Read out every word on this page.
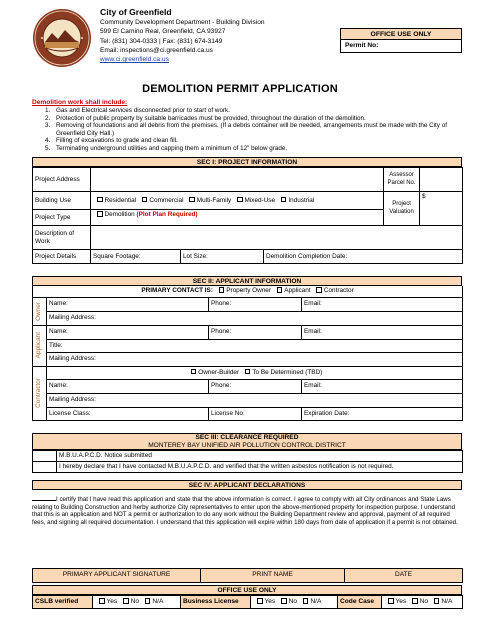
City of Greenfield
Community Development Department - Building Division
599 El Camino Real, Greenfield, CA 93927
Tel: (831) 304-0333 | Fax: (831) 674-3149
Email: inspections@ci.greenfield.ca.us
www.ci.greenfield.ca.us
OFFICE USE ONLY
Permit No:
DEMOLITION PERMIT APPLICATION
Demolition work shall include:
1. Gas and Electrical services disconnected prior to start of work.
2. Protection of public property by suitable barricades must be provided, throughout the duration of the demolition.
3. Removing of foundations and all debris from the premises. (If a debris container will be needed, arrangements must be made with the City of Greenfield City Hall.)
4. Filling of excavations to grade and clean fill.
5. Terminating underground utilities and capping them a minimum of 12" below grade.
SEC I: PROJECT INFORMATION
Project Address				Assessor Parcel No.	
Building Use	Residential Commercial Multi-Family Mixed-Use Industrial			Project Valuation	$
Project Type	Demolition (Plot Plan Required)				
Description of Work					
Project Details	Square Footage:	Lot Size:	Demolition Completion Date:		
SEC II: APPLICANT INFORMATION
PRIMARY CONTACT IS: Property Owner Applicant Contractor			

Owner	Name:	Phone:	Email:
	Mailing Address:		

Applicant	Name:	Phone:	Email:
	Title:		
	Mailing Address:		

Contractor	Owner-Builder To Be Determined (TBD)		
	Name:	Phone:	Email:
	Mailing Address:		
	License Class:	License No:	Expiration Date:
SEC III: CLEARANCE REQUIRED
MONTEREY BAY UNIFIED AIR POLLUTION CONTROL DISTRICT
	M.B.U.A.P.C.D. Notice submitted
	I hereby declare that I have contacted M.B.U.A.P.C.D. and verified that the written asbestos notification is not required.
SEC IV: APPLICANT DECLARATIONS
I certify that I have read this application and state that the above information is correct. I agree to comply with all City ordinances and State Laws relating to Building Construction and herby authorize City representatives to enter upon the above-mentioned property for inspection purpose. I understand that this is an application and NOT a permit or authorization to do any work without the Building Department review and approval, payment of all required fees, and signing all required documentation. I understand that this application will expire within 180 days from date of application if a permit is not obtained.

PRIMARY APPLICANT SIGNATURE	PRINT NAME	DATE
OFFICE USE ONLY
CSLB verified	Yes No N/A	Business License	Yes No N/A	Code Case	Yes No N/A
